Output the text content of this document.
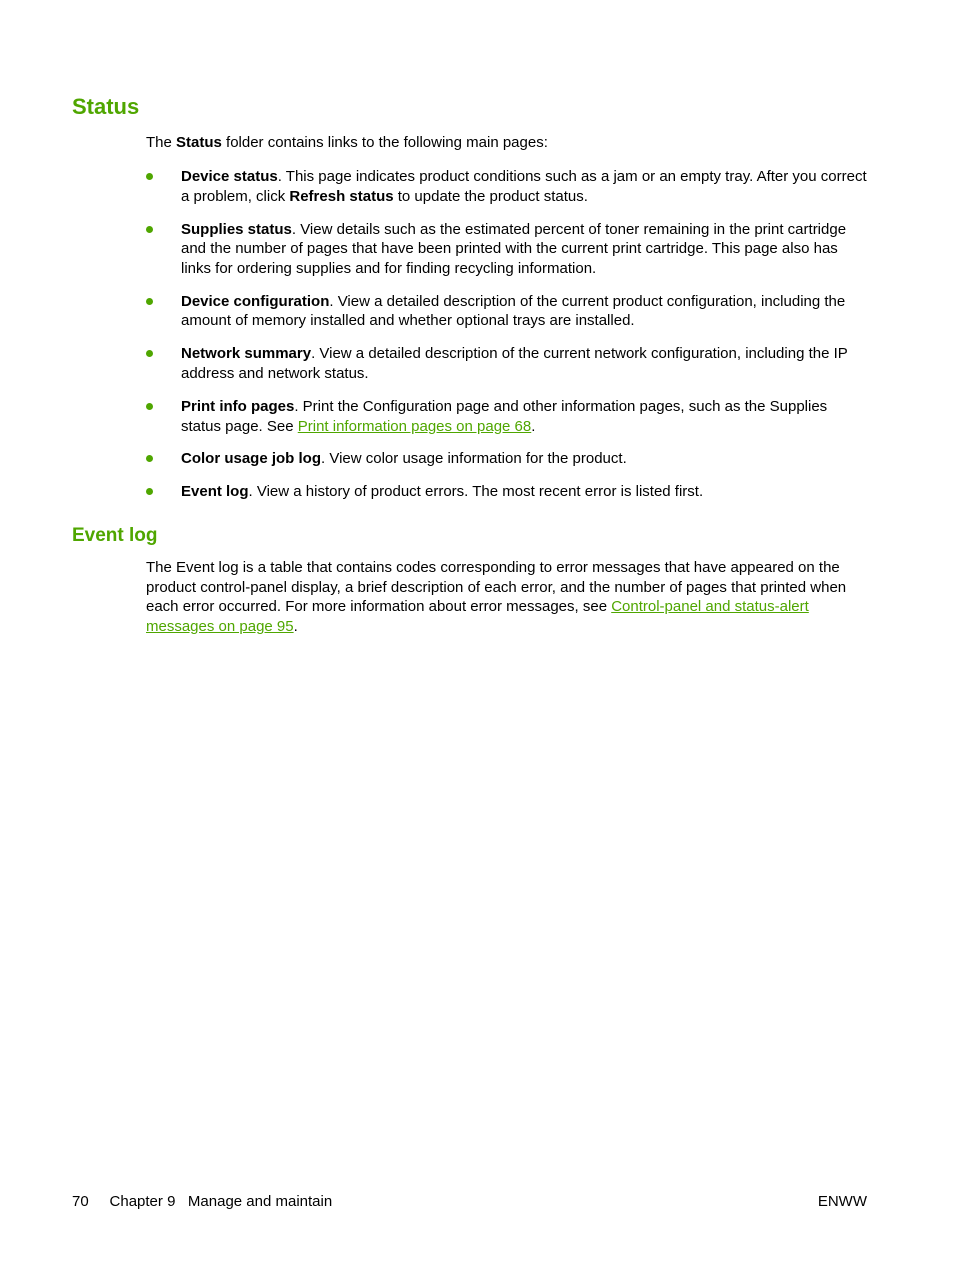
Status

The Status folder contains links to the following main pages:

Device status. This page indicates product conditions such as a jam or an empty tray. After you correct a problem, click Refresh status to update the product status.
Supplies status. View details such as the estimated percent of toner remaining in the print cartridge and the number of pages that have been printed with the current print cartridge. This page also has links for ordering supplies and for finding recycling information.
Device configuration. View a detailed description of the current product configuration, including the amount of memory installed and whether optional trays are installed.
Network summary. View a detailed description of the current network configuration, including the IP address and network status.
Print info pages. Print the Configuration page and other information pages, such as the Supplies status page. See Print information pages on page 68.
Color usage job log. View color usage information for the product.
Event log. View a history of product errors. The most recent error is listed first.
Event log

The Event log is a table that contains codes corresponding to error messages that have appeared on the product control-panel display, a brief description of each error, and the number of pages that printed when each error occurred. For more information about error messages, see Control-panel and status-alert messages on page 95.

70 Chapter 9 Manage and maintain	ENWW
